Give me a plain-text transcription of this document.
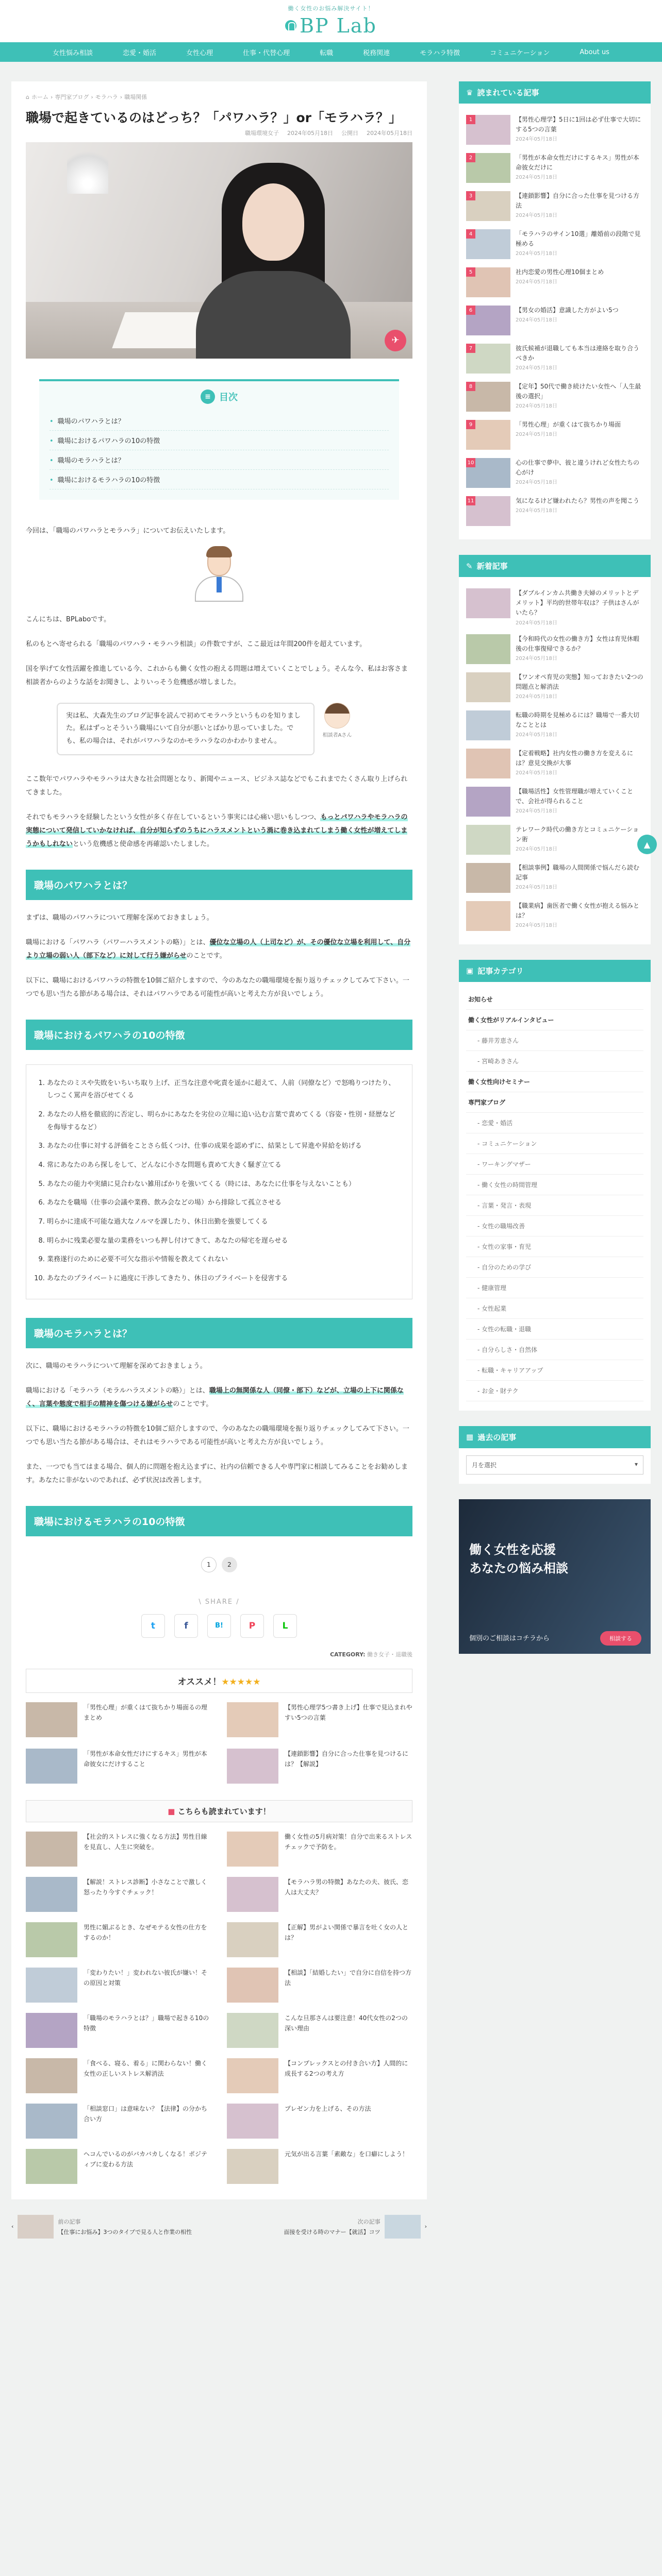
働く女性のお悩み解決サイト！
BP Lab
女性悩み相談	恋愛・婚活	女性心理	仕事・代替心理	転職	税務関連	モラハラ特徴	コミュニケーション	About us
⌂ ホーム › 専門家ブログ › モラハラ › 職場関係
職場で起きているのはどっち？「パワハラ？」or「モラハラ？」
職場環境女子 2024年05月18日 公開日 2024年05月18日
✈
≡ 目次
• 職場のパワハラとは？
• 職場におけるパワハラの10の特徴
• 職場のモラハラとは？
• 職場におけるモラハラの10の特徴

今回は、「職場のパワハラとモラハラ」についてお伝えいたします。

こんにちは、BPLaboです。

私のもとへ寄せられる「職場のパワハラ・モラハラ相談」の件数ですが、ここ最近は年間200件を超えています。

国を挙げて女性活躍を推進している今、これからも働く女性の抱える問題は増えていくことでしょう。そんな今、私はお客さま相談者からのような話をお聞きし、よりいっそう危機感が増しました。

実は私、大森先生のブログ記事を読んで初めてモラハラというものを知りました。私はずっとそういう職場にいて自分が悪いとばかり思っていました。でも、私の場合は、それがパワハラなのかモラハラなのかわかりません。
相談者Aさん

ここ数年でパワハラやモラハラは大きな社会問題となり、新聞やニュース、ビジネス誌などでもこれまでたくさん取り上げられてきました。

それでもモラハラを経験したという女性が多く存在しているという事実には心痛い思いもしつつ、もっとパワハラやモラハラの実態について発信していかなければ、自分が知らずのうちにハラスメントという渦に巻き込まれてしまう働く女性が増えてしまうかもしれないという危機感と使命感を再確認いたしました。

職場のパワハラとは？

まずは、職場のパワハラについて理解を深めておきましょう。

職場における「パワハラ（パワーハラスメントの略）」とは、優位な立場の人（上司など）が、その優位な立場を利用して、自分より立場の弱い人（部下など）に対して行う嫌がらせのことです。

以下に、職場におけるパワハラの特徴を10個ご紹介しますので、今のあなたの職場環境を振り返りチェックしてみて下さい。一つでも思い当たる節がある場合は、それはパワハラである可能性が高いと考えた方が良いでしょう。

職場におけるパワハラの10の特徴
1. あなたのミスや失敗をいちいち取り上げ、正当な注意や叱責を遥かに超えて、人前（同僚など）で怒鳴りつけたり、しつこく罵声を浴びせてくる
2. あなたの人格を徹底的に否定し、明らかにあなたを劣位の立場に追い込む言葉で責めてくる（容姿・性別・経歴などを侮辱するなど）
3. あなたの仕事に対する評価をことさら低くつけ、仕事の成果を認めずに、結果として昇進や昇給を妨げる
4. 常にあなたのあら探しをして、どんなに小さな問題も責めて大きく騒ぎ立てる
5. あなたの能力や実績に見合わない雑用ばかりを強いてくる（時には、あなたに仕事を与えないことも）
6. あなたを職場（仕事の会議や業務、飲み会などの場）から排除して孤立させる
7. 明らかに達成不可能な過大なノルマを課したり、休日出勤を強要してくる
8. 明らかに残業必要な量の業務をいつも押し付けてきて、あなたの帰宅を遅らせる
9. 業務遂行のために必要不可欠な指示や情報を教えてくれない
10. あなたのプライベートに過度に干渉してきたり、休日のプライベートを侵害する
職場のモラハラとは？

次に、職場のモラハラについて理解を深めておきましょう。

職場における「モラハラ（モラルハラスメントの略）」とは、職場上の無関係な人（同僚・部下）などが、立場の上下に関係なく、言葉や態度で相手の精神を傷つける嫌がらせのことです。

以下に、職場におけるモラハラの特徴を10個ご紹介しますので、今のあなたの職場環境を振り返りチェックしてみて下さい。一つでも思い当たる節がある場合は、それはモラハラである可能性が高いと考えた方が良いでしょう。

また、一つでも当てはまる場合、個人的に問題を抱え込まずに、社内の信頼できる人や専門家に相談してみることをお勧めします。あなたに非がないのであれば、必ず状況は改善します。

職場におけるモラハラの10の特徴
1	2
\ SHARE /
t	f	B!	P	L
CATEGORY: 働き女子・退職後
オススメ！★★★★★
「男性心理」が重くはて抜ちかり場面るの理まとめ
【男性心理学5つ書き上げ】仕事で見込まれやすい5つの言葉
「男性が本命女性だけにするキス」男性が本命彼女にだけすること
【連鎖影響】自分に合った仕事を見つけるには？【解説】
■ こちらも読まれています！
【社会的ストレスに強くなる方法】男性目線を見直し、人生に突破を。
働く女性の5月病対策！自分で出来るストレスチェックで予防を。
【解説！ストレス診断】小さなことで激しく怒ったり今すぐチェック！
【モラハラ男の特徴】あなたの夫、彼氏、恋人は大丈夫？
男性に媚ぶるとき、なぜモテる女性の仕方をするのか！
【正解】男がよい関係で暴言を吐く女の人とは？
「変わりたい！」変われない彼氏が嫌い！その原因と対策
【相談】「結婚したい」で自分に自信を持つ方法
「職場のモラハラとは？」職場で起きる10の特徴
こんな旦那さんは要注意！40代女性の2つの深い理由
「食べる、寝る、着る」に関わらない！働く女性の正しいストレス解消法
【コンプレックスとの付き合い方】人間的に成長する2つの考え方
「相談窓口」は意味ない？【法律】の分かち合い方
プレゼン力を上げる、その方法
ヘコんでいるのがバカバカしくなる！ポジティブに変わる方法
元気が出る言葉「素敵な」を口癖にしよう！
♛ 読まれている記事
1	【男性心理学】5日に1回は必ず仕事で大切にする5つの言葉
2024年05月18日
2	「男性が本命女性だけにするキス」男性が本命彼女だけに
2024年05月18日
3	【連鎖影響】自分に合った仕事を見つける方法
2024年05月18日
4	「モラハラのサイン10選」離婚前の段階で見極める
2024年05月18日
5	社内恋愛の男性心理10個まとめ
2024年05月18日
6	【男女の婚活】意識した方がよい5つ
2024年05月18日
7	彼氏候補が退職しても本当は連絡を取り合うべきか
2024年05月18日
8	【定年】50代で働き続けたい女性へ「人生最後の選択」
2024年05月18日
9	「男性心理」が重くはて抜ちかり場面
2024年05月18日
10	心の仕事で夢中、彼と違うけれど女性たちの心がけ
2024年05月18日
11	気になるけど嫌われたら？男性の声を聞こう
2024年05月18日
✎ 新着記事
【ダブルインカム共働き夫婦のメリットとデメリット】平均的世帯年収は？子供はさんがいたら？
2024年05月18日
【今和時代の女性の働き方】女性は育児休暇後の仕事復帰できるか？
2024年05月18日
【ワンオペ育児の実態】知っておきたい2つの問題点と解消法
2024年05月18日
転職の時期を見極めるには？職場で一番大切なこととは
2024年05月18日
【定着戦略】社内女性の働き方を変えるには？意見交換が大事
2024年05月18日
【職場活性】女性管理職が増えていくことで、会社が得られること
2024年05月18日
テレワーク時代の働き方とコミュニケーション術
2024年05月18日
【相談事例】職場の人間関係で悩んだら読む記事
2024年05月18日
【職業病】歯医者で働く女性が抱える悩みとは？
2024年05月18日
▣ 記事カテゴリ
お知らせ
働く女性がリアルインタビュー
- 藤井芳恵さん
- 宮崎あきさん
働く女性向けセミナー
専門家ブログ
- 恋愛・婚活
- コミュニケーション
- ワーキングマザー
- 働く女性の時間管理
- 言葉・発言・表現
- 女性の職場改善
- 女性の家事・育児
- 自分のための学び
- 健康管理
- 女性起業
- 女性の転職・退職
- 自分らしさ・自然体
- 転職・キャリアアップ
- お金・財テク
▦ 過去の記事
月を選択	▾
働く女性を応援
あなたの悩み相談
個別のご相談はコチラから	相談する
▲
‹
前の記事
【仕事にお悩み】3つのタイプで見る人と作業の相性
次の記事
面接を受ける時のマナー【就活】コツ
›
